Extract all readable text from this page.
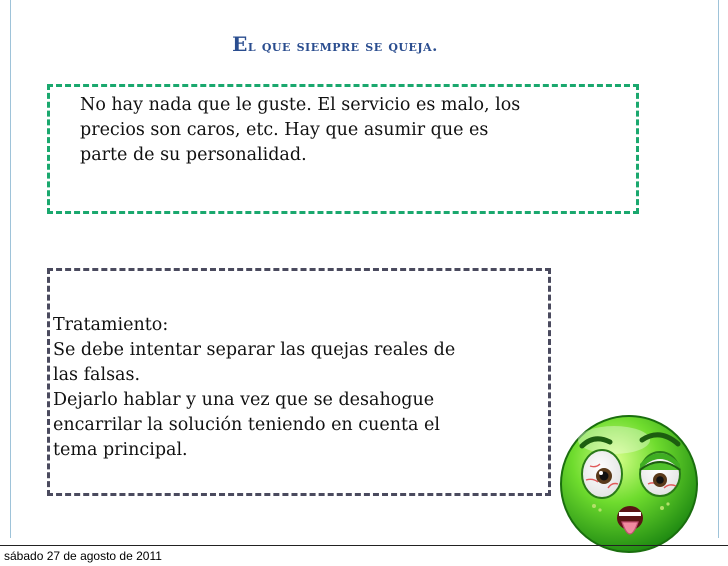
El que siempre se queja.
No hay nada que le guste. El servicio es malo, los
precios son caros, etc. Hay que asumir que es
parte de su personalidad.
Tratamiento:
Se debe intentar separar las quejas reales de
las falsas.
Dejarlo hablar y una vez que se desahogue
encarrilar la solución teniendo en cuenta el
tema principal.
sábado 27 de agosto de 2011
